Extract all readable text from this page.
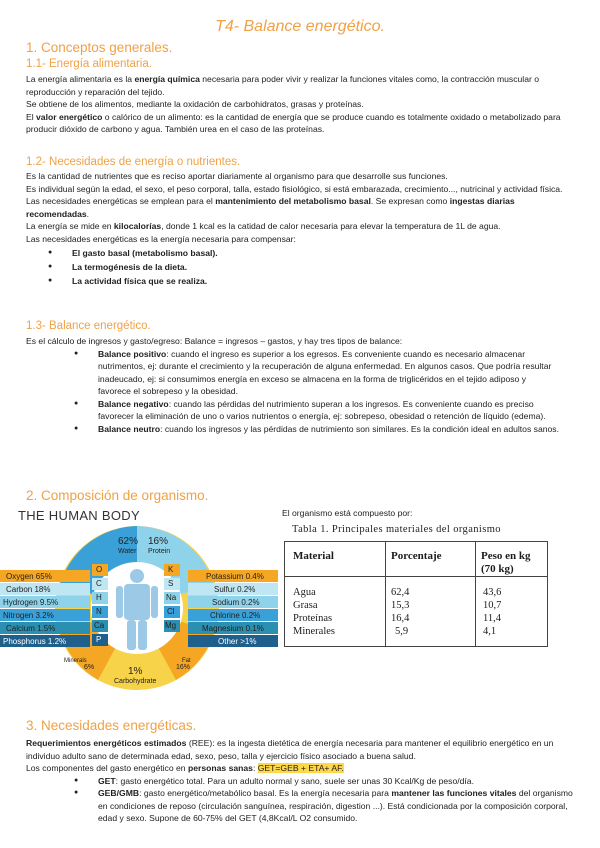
T4- Balance energético.
1. Conceptos generales.
1.1- Energía alimentaria.

La energía alimentaria es la energía química necesaria para poder vivir y realizar la funciones vitales como, la contracción muscular o reproducción y reparación del tejido.

Se obtiene de los alimentos, mediante la oxidación de carbohidratos, grasas y proteínas.

El valor energético o calórico de un alimento: es la cantidad de energía que se produce cuando es totalmente oxidado o metabolizado para producir dióxido de carbono y agua. También urea en el caso de las proteínas.

1.2- Necesidades de energía o nutrientes.

Es la cantidad de nutrientes que es reciso aportar diariamente al organismo para que desarrolle sus funciones.

Es individual según la edad, el sexo, el peso corporal, talla, estado fisiológico, si está embarazada, crecimiento..., nutricinal y actividad física.

Las necesidades energéticas se emplean para el mantenimiento del metabolismo basal. Se expresan como ingestas diarias recomendadas.

La energía se mide en kilocalorías, donde 1 kcal es la catidad de calor necesaria para elevar la temperatura de 1L de agua.

Las necesidades energéticas es la energía necesaria para compensar:

● El gasto basal (metabolismo basal).
● La termogénesis de la dieta.
● La actividad física que se realiza.
1.3- Balance energético.

Es el cálculo de ingresos y gasto/egreso: Balance = ingresos – gastos, y hay tres tipos de balance:

● Balance positivo: cuando el ingreso es superior a los egresos. Es conveniente cuando es necesario almacenar nutrimentos, ej: durante el crecimiento y la recuperación de alguna enfermedad. En algunos casos. Que podría resultar inadeucado, ej: si consumimos energía en exceso se almacena en la forma de triglicéridos en el tejido adiposo y favorece el sobrepeso y la obesidad.
● Balance negativo: cuando las pérdidas del nutrimiento superan a los ingresos. Es conveniente cuando es preciso favorecer la eliminación de uno o varios nutrientos o energía, ej: sobrepeso, obesidad o retención de líquido (edema).
● Balance neutro: cuando los ingresos y las pérdidas de nutrimiento son similares. Es la condición ideal en adultos sanos.
2. Composición de organismo.
THE HUMAN BODY
62%
Water
16%
Protein
Minerals
6%
Fat
16%
1%
Carbohydrate
Oxygen 65%
Carbon 18%
Hydrogen 9.5%
Nitrogen 3.2%
Calcium 1.5%
Phosphorus 1.2%
Potassium 0.4%
Sulfur 0.2%
Sodium 0.2%
Chlorine 0.2%
Magnesium 0.1%
Other >1%
O
C
H
N
Ca
P
K
S
Na
Cl
Mg
El organismo está compuesto por:
Tabla 1. Principales materiales del organismo
Material	Porcentaje	Peso en kg (70 kg)
Agua
Grasa
Proteínas
Minerales
62,4
15,3
16,4
5,9
43,6
10,7
11,4
4,1
3. Necesidades energéticas.

Requerimientos energéticos estimados (REE): es la ingesta dietética de energía necesaria para mantener el equilibrio energético en un individuo adulto sano de determinada edad, sexo, peso, talla y ejercicio físico asociado a buena salud.

Los componentes del gasto energético en personas sanas: GET=GEB + ETA+ AF.

● GET: gasto energético total. Para un adulto normal y sano, suele ser unas 30 Kcal/Kg de peso/día.
● GEB/GMB: gasto energético/metabólico basal. Es la energía necesaria para mantener las funciones vitales del organismo en condiciones de reposo (circulación sanguínea, respiración, digestion ...). Está condicionada por la composición corporal, edad y sexo. Supone de 60-75% del GET (4,8Kcal/L O2 consumido.
